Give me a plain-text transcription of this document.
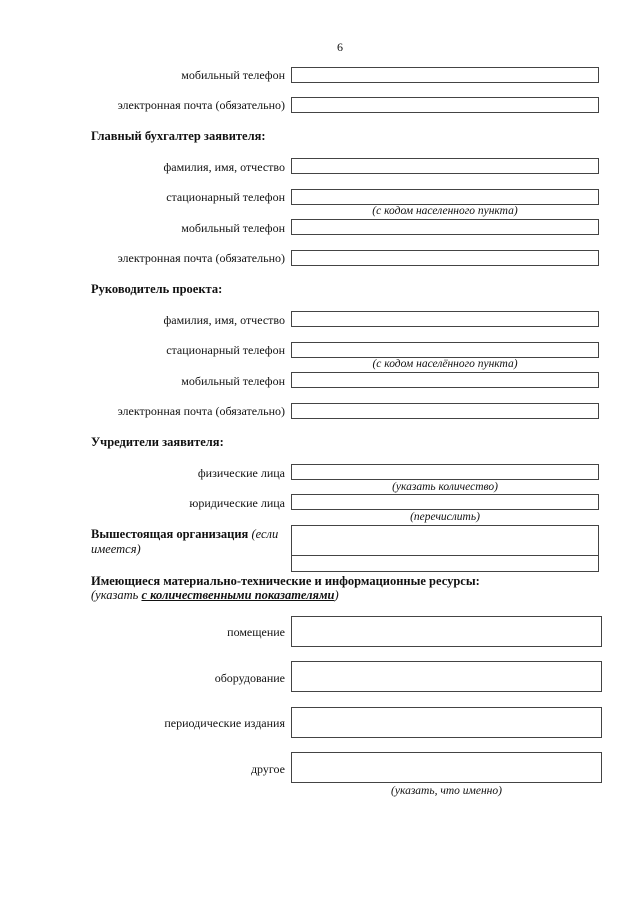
6
мобильный телефон
электронная почта (обязательно)
Главный бухгалтер заявителя:
фамилия, имя, отчество
стационарный телефон
(с кодом населенного пункта)
мобильный телефон
электронная почта (обязательно)
Руководитель проекта:
фамилия, имя, отчество
стационарный телефон
(с кодом населённого пункта)
мобильный телефон
электронная почта (обязательно)
Учредители заявителя:
физические лица
(указать количество)
юридические лица
(перечислить)
Вышестоящая организация (если
имеется)
Имеющиеся материально-технические и информационные ресурсы:
(указать с количественными показателями)
помещение
оборудование
периодические издания
другое
(указать, что именно)
